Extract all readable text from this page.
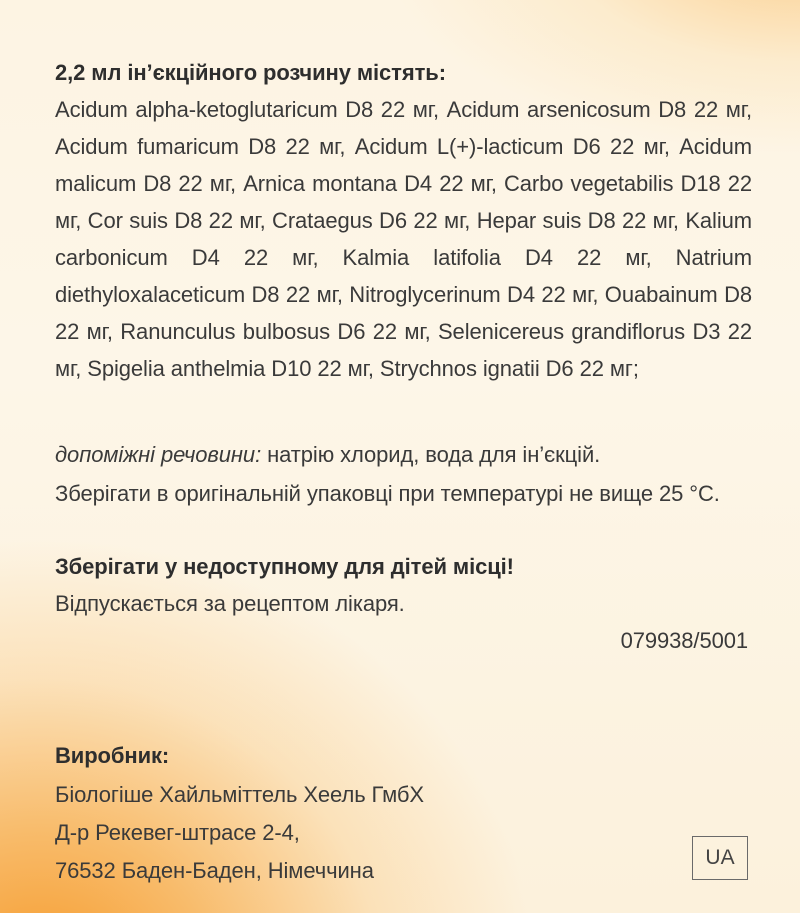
2,2 мл ін’єкційного розчину містять:
Acidum alpha-ketoglutaricum D8 22 мг, Acidum arsenicosum D8 22 мг, Acidum fumaricum D8 22 мг, Acidum L(+)-lacticum D6 22 мг, Acidum malicum D8 22 мг, Arnica montana D4 22 мг, Carbo vegetabilis D18 22 мг, Cor suis D8 22 мг, Crataegus D6 22 мг, Hepar suis D8 22 мг, Kalium carbonicum D4 22 мг, Kalmia latifolia D4 22 мг, Natrium diethyloxalaceticum D8 22 мг, Nitroglycerinum D4 22 мг, Ouabainum D8 22 мг, Ranunculus bulbosus D6 22 мг, Selenicereus grandiflorus D3 22 мг, Spigelia anthelmia D10 22 мг, Strychnos ignatii D6 22 мг;
допоміжні речовини: натрію хлорид, вода для ін’єкцій.
Зберігати в оригінальній упаковці при температурі не вище 25 °С.
Зберігати у недоступному для дітей місці!
Відпускається за рецептом лікаря.
079938/5001
Виробник:
Біологіше Хайльміттель Хеель ГмбХ
Д-р Рекевег-штрасе 2-4,
76532 Баден-Баден, Німеччина
UA
